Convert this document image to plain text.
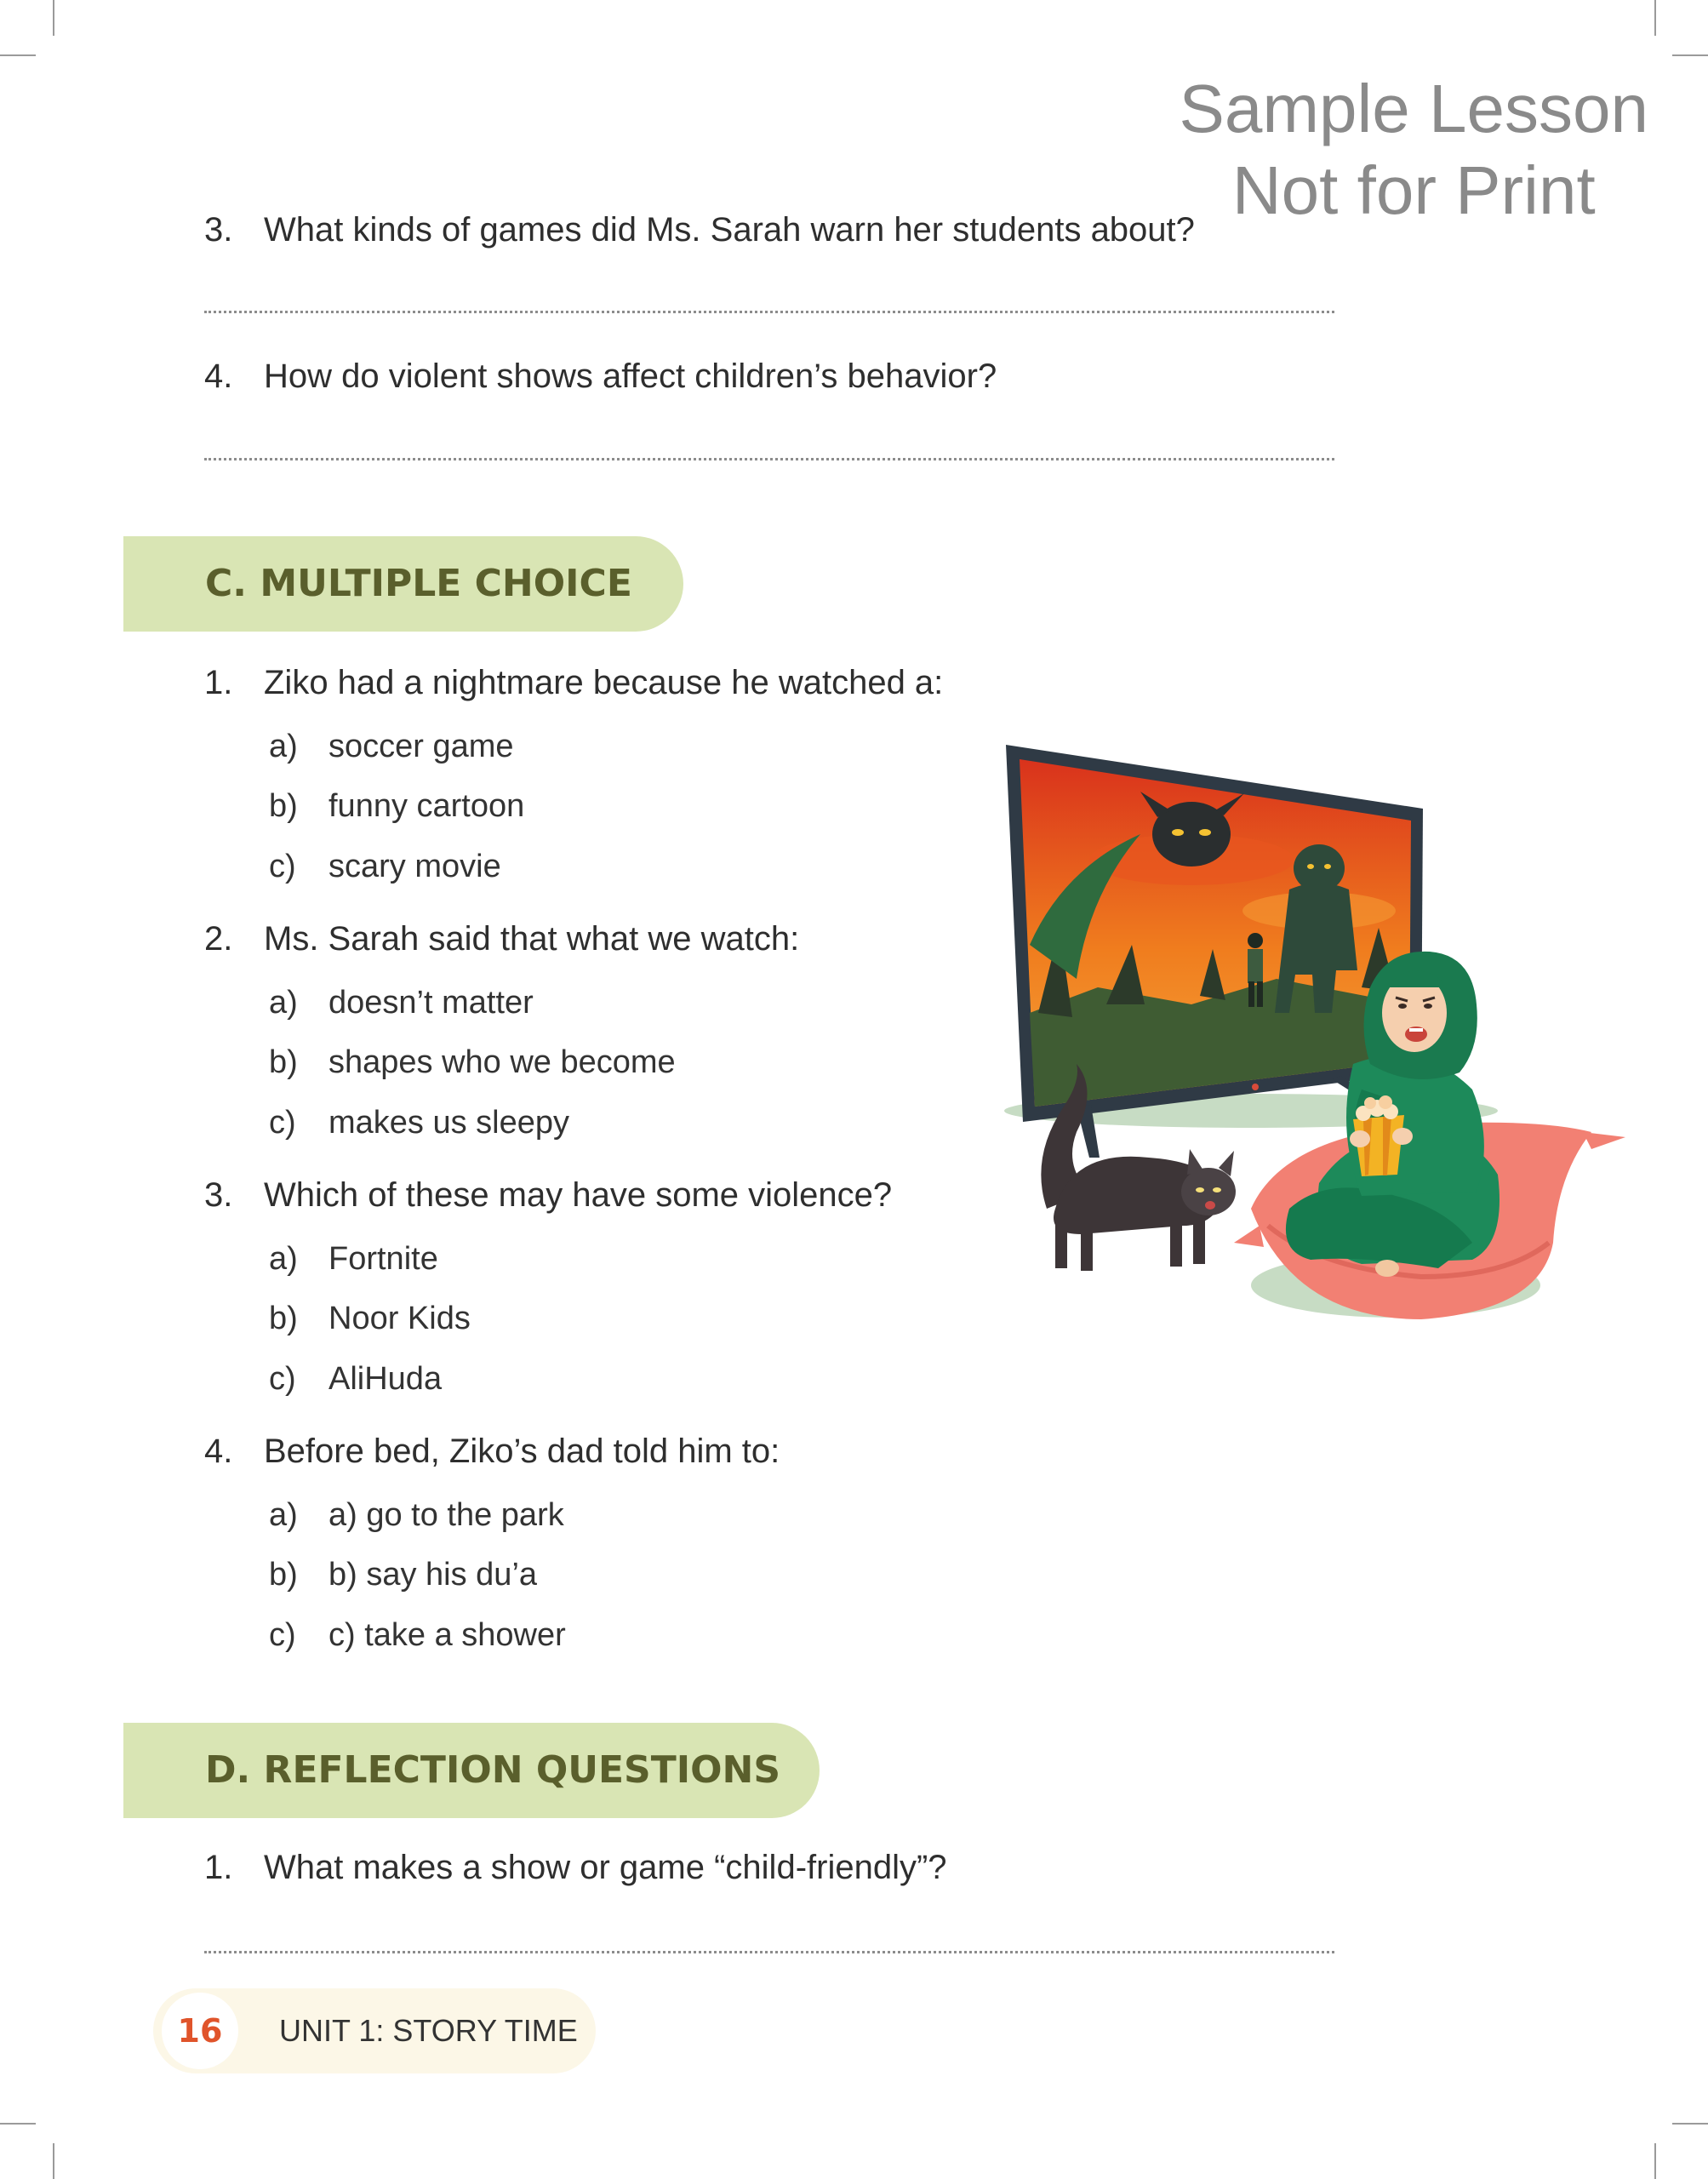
Sample Lesson
Not for Print
3. What kinds of games did Ms. Sarah warn her students about?
4. How do violent shows affect children’s behavior?
C. MULTIPLE CHOICE
1. Ziko had a nightmare because he watched a:
a) soccer game
b) funny cartoon
c) scary movie
2. Ms. Sarah said that what we watch:
a) doesn’t matter
b) shapes who we become
c) makes us sleepy
3. Which of these may have some violence?
a) Fortnite
b) Noor Kids
c) AliHuda
4. Before bed, Ziko’s dad told him to:
a) a) go to the park
b) b) say his du’a
c) c) take a shower
D. REFLECTION QUESTIONS
1. What makes a show or game “child-friendly”?
16	UNIT 1: STORY TIME
